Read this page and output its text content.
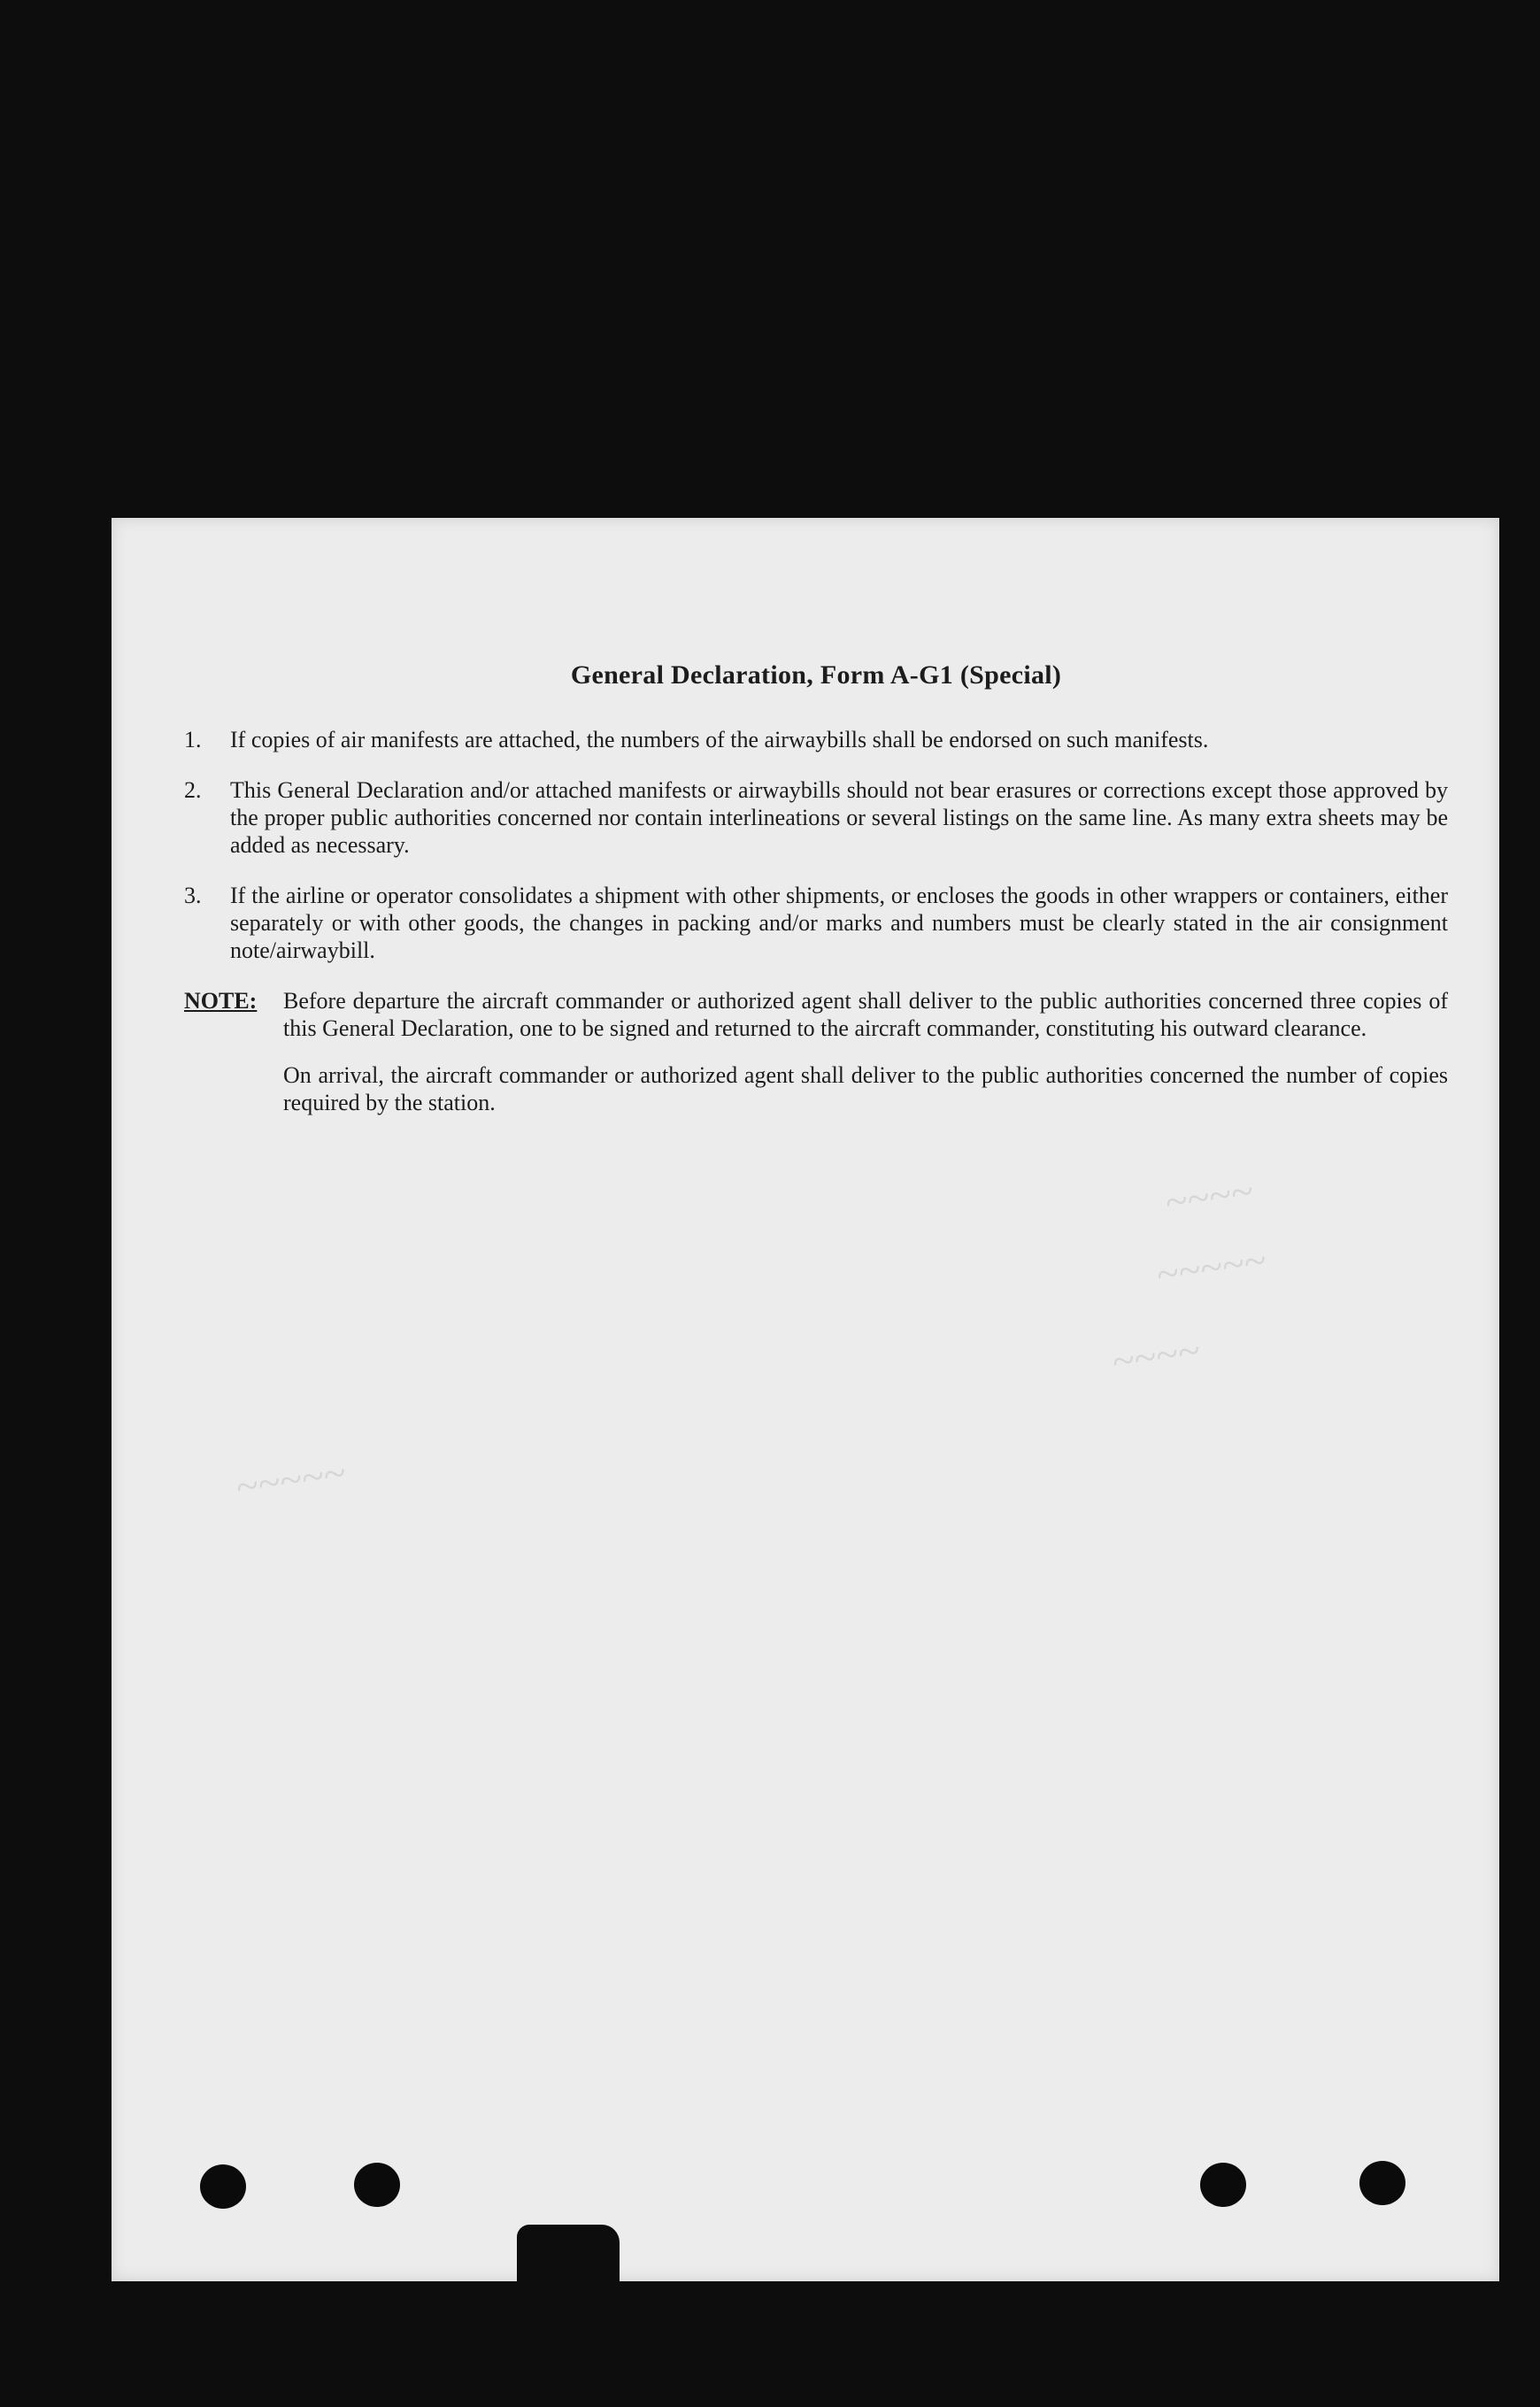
~~~~
~~~~~
~~~~
~~~~~
General Declaration, Form A-G1 (Special)
1.	If copies of air manifests are attached, the numbers of the airwaybills shall be endorsed on such manifests.
2.	This General Declaration and/or attached manifests or airwaybills should not bear erasures or corrections except those approved by the proper public authorities concerned nor contain interlineations or several listings on the same line. As many extra sheets may be added as necessary.
3.	If the airline or operator consolidates a shipment with other shipments, or encloses the goods in other wrappers or containers, either separately or with other goods, the changes in packing and/or marks and numbers must be clearly stated in the air consignment note/airwaybill.
NOTE:	Before departure the aircraft commander or authorized agent shall deliver to the public authorities concerned three copies of this General Declaration, one to be signed and returned to the aircraft commander, constituting his outward clearance.

On arrival, the aircraft commander or authorized agent shall deliver to the public authorities concerned the number of copies required by the station.
